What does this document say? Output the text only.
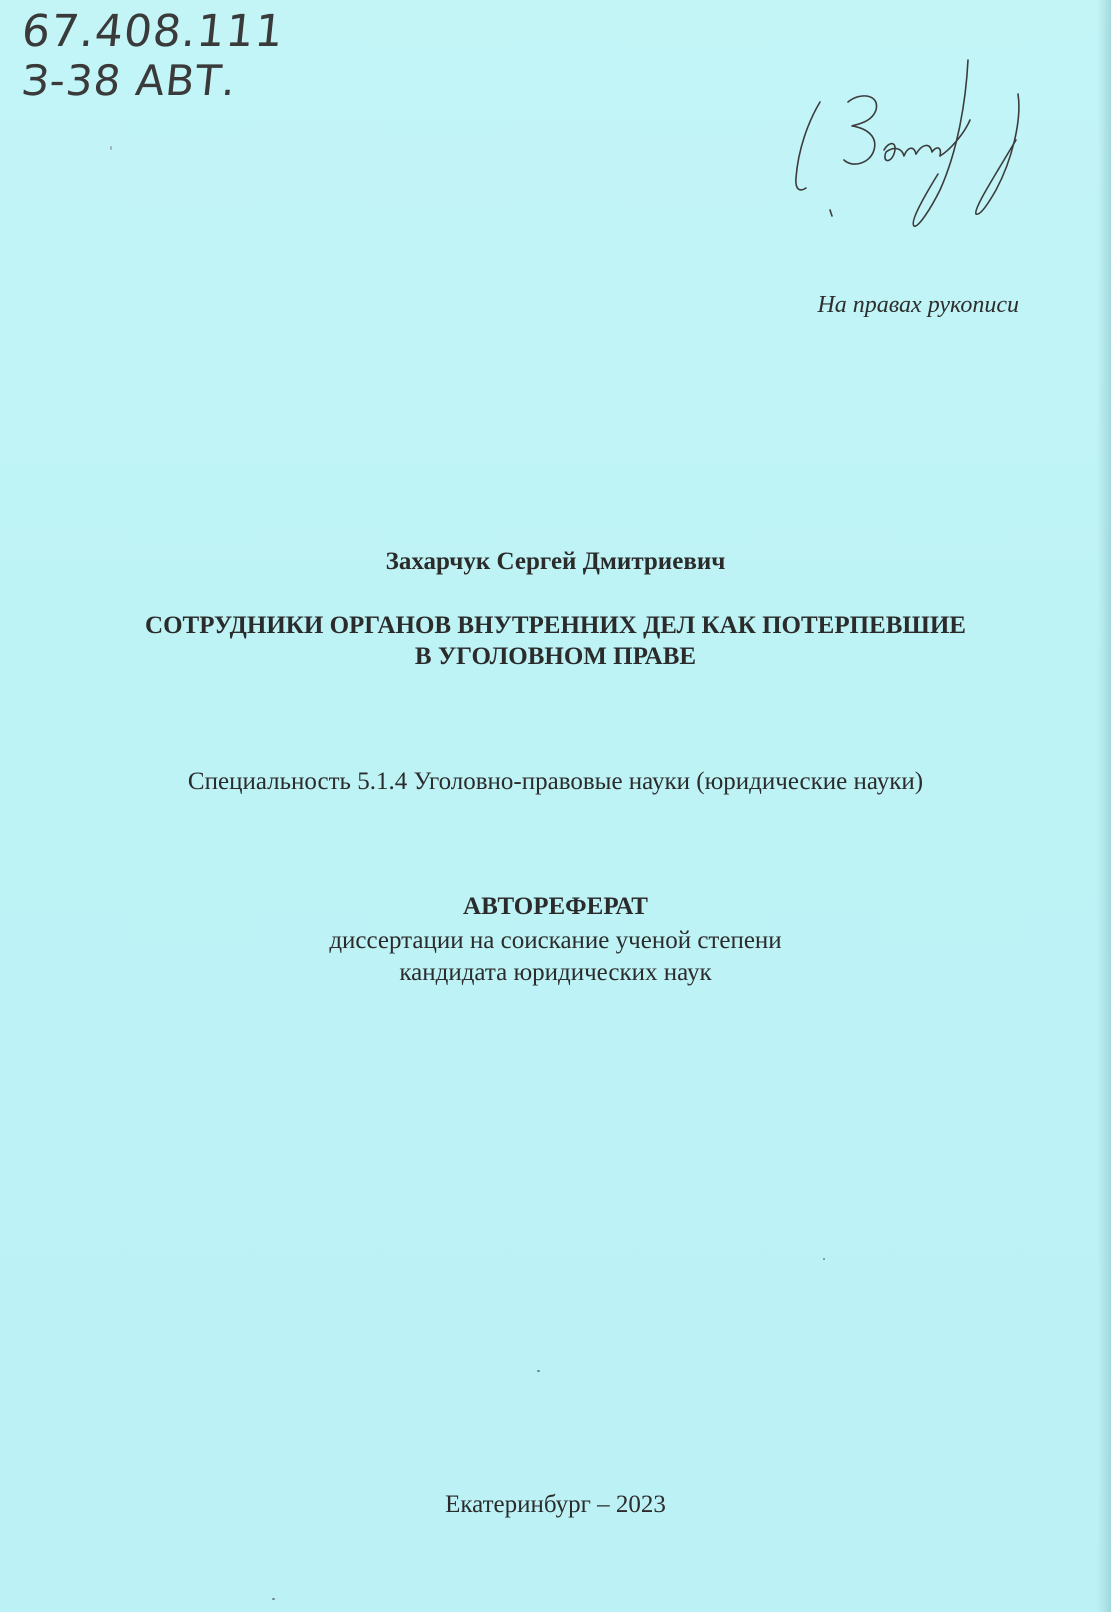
67.408.111
З-38 АВТ.
На правах рукописи
Захарчук Сергей Дмитриевич
СОТРУДНИКИ ОРГАНОВ ВНУТРЕННИХ ДЕЛ КАК ПОТЕРПЕВШИЕ
В УГОЛОВНОМ ПРАВЕ
Специальность 5.1.4 Уголовно-правовые науки (юридические науки)
АВТОРЕФЕРАТ
диссертации на соискание ученой степени
кандидата юридических наук
Екатеринбург – 2023
